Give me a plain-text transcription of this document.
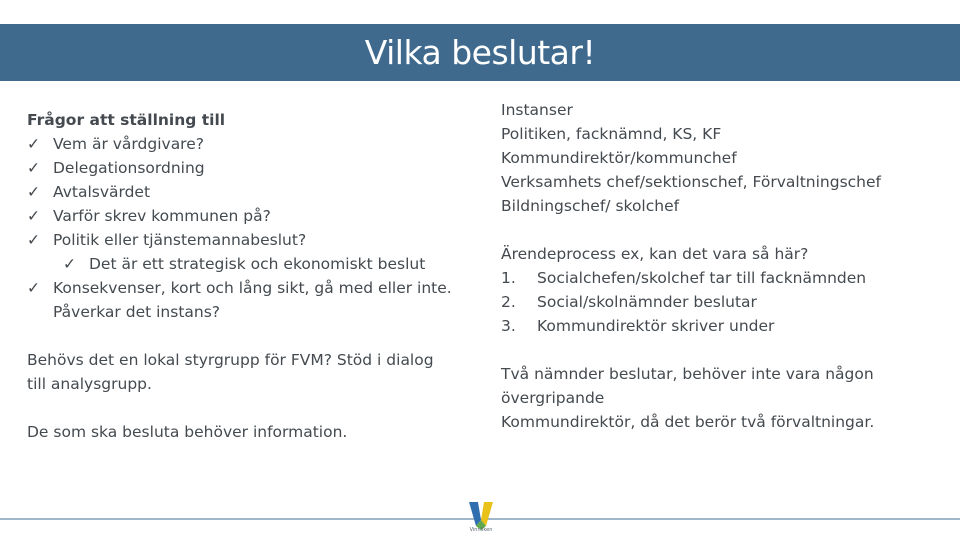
Vilka beslutar!
Frågor att ställning till
✓ Vem är vårdgivare?
✓ Delegationsordning
✓ Avtalsvärdet
✓ Varför skrev kommunen på?
✓ Politik eller tjänstemannabeslut?
✓ Det är ett strategisk och ekonomiskt beslut
✓ Konsekvenser, kort och lång sikt, gå med eller inte.
Påverkar det instans?
Behövs det en lokal styrgrupp för FVM? Stöd i dialog
till analysgrupp.
De som ska besluta behöver information.
Instanser
Politiken, facknämnd, KS, KF
Kommundirektör/kommunchef
Verksamhets chef/sektionschef, Förvaltningschef
Bildningschef/ skolchef
Ärendeprocess ex, kan det vara så här?
1. Socialchefen/skolchef tar till facknämnden
2. Social/skolnämnder beslutar
3. Kommundirektör skriver under
Två nämnder beslutar, behöver inte vara någon
övergripande
Kommundirektör, då det berör två förvaltningar.
Vinnliken
